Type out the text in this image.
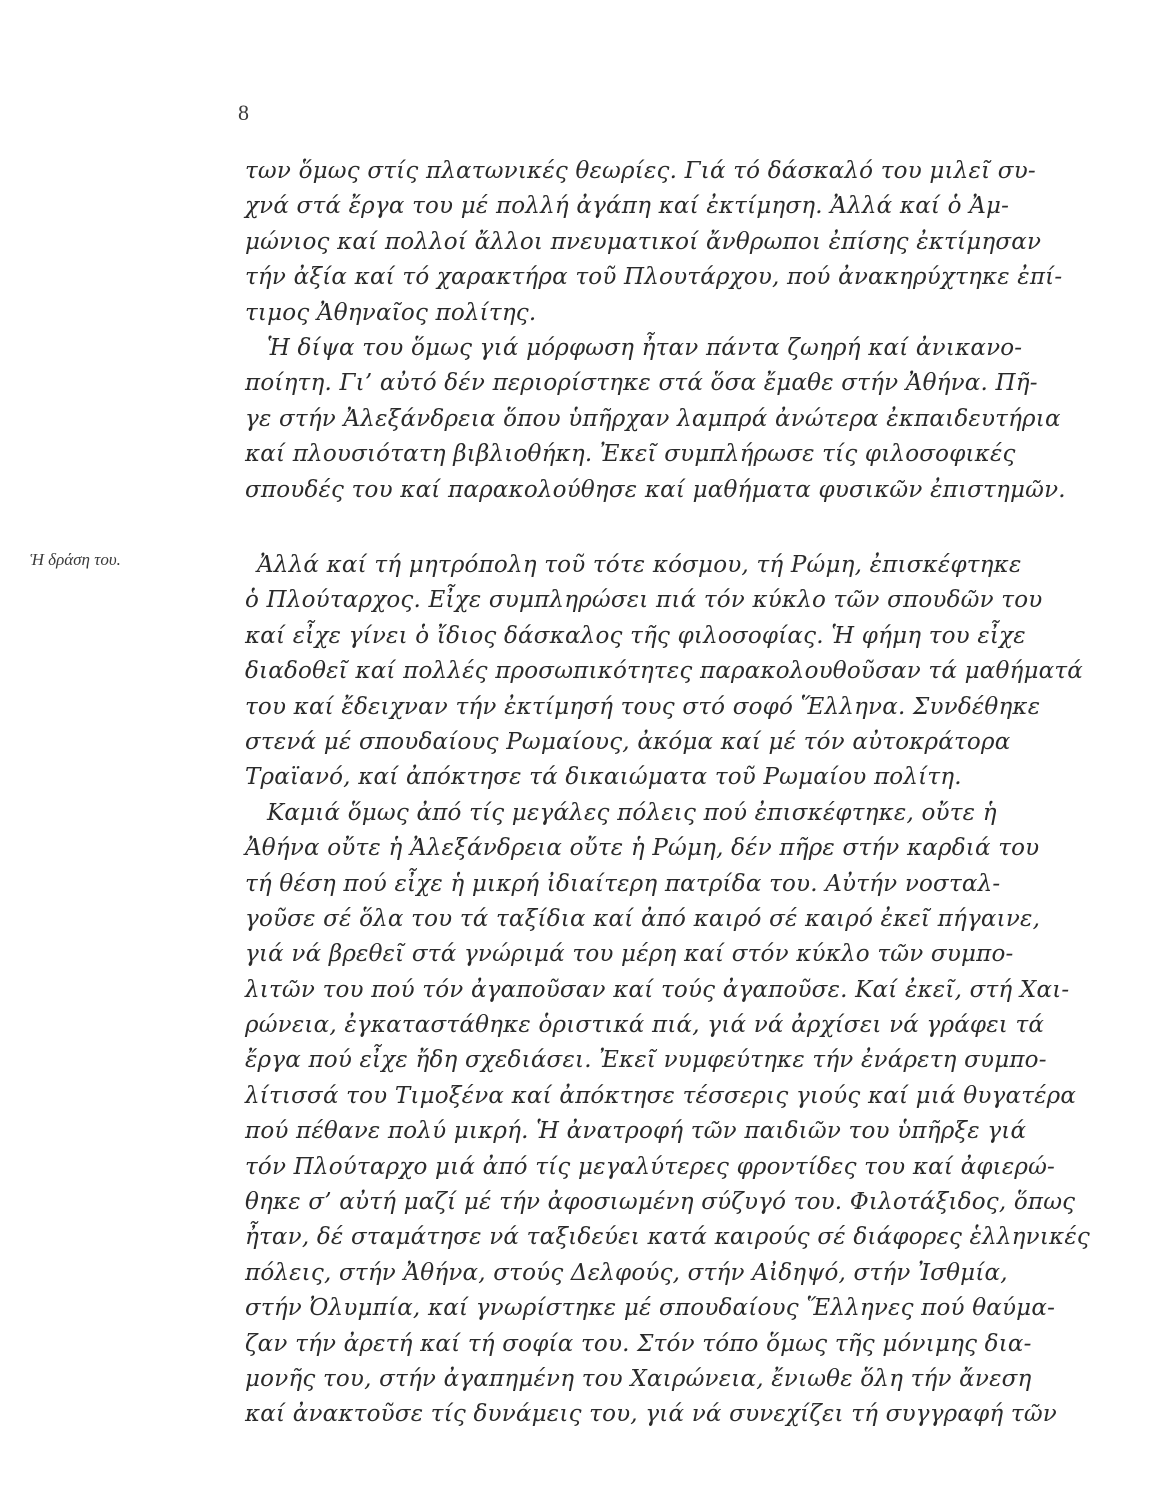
8
Ἡ δράση του.
των ὅμως στίς πλατωνικές θεωρίες. Γιά τό δάσκαλό του μιλεῖ συ-
χνά στά ἔργα του μέ πολλή ἀγάπη καί ἐκτίμηση. Ἀλλά καί ὁ Ἀμ-
μώνιος καί πολλοί ἄλλοι πνευματικοί ἄνθρωποι ἐπίσης ἐκτίμησαν
τήν ἀξία καί τό χαρακτήρα τοῦ Πλουτάρχου, πού ἀνακηρύχτηκε ἐπί-
τιμος Ἀθηναῖος πολίτης.
Ἡ δίψα του ὅμως γιά μόρφωση ἦταν πάντα ζωηρή καί ἀνικανο-
ποίητη. Γι’ αὐτό δέν περιορίστηκε στά ὅσα ἔμαθε στήν Ἀθήνα. Πῆ-
γε στήν Ἀλεξάνδρεια ὅπου ὑπῆρχαν λαμπρά ἀνώτερα ἐκπαιδευτήρια
καί πλουσιότατη βιβλιοθήκη. Ἐκεῖ συμπλήρωσε τίς φιλοσοφικές
σπουδές του καί παρακολούθησε καί μαθήματα φυσικῶν ἐπιστημῶν.
Ἀλλά καί τή μητρόπολη τοῦ τότε κόσμου, τή Ρώμη, ἐπισκέφτηκε
ὁ Πλούταρχος. Εἶχε συμπληρώσει πιά τόν κύκλο τῶν σπουδῶν του
καί εἶχε γίνει ὁ ἴδιος δάσκαλος τῆς φιλοσοφίας. Ἡ φήμη του εἶχε
διαδοθεῖ καί πολλές προσωπικότητες παρακολουθοῦσαν τά μαθήματά
του καί ἔδειχναν τήν ἐκτίμησή τους στό σοφό Ἕλληνα. Συνδέθηκε
στενά μέ σπουδαίους Ρωμαίους, ἀκόμα καί μέ τόν αὐτοκράτορα
Τραϊανό, καί ἀπόκτησε τά δικαιώματα τοῦ Ρωμαίου πολίτη.
Καμιά ὅμως ἀπό τίς μεγάλες πόλεις πού ἐπισκέφτηκε, οὔτε ἡ
Ἀθήνα οὔτε ἡ Ἀλεξάνδρεια οὔτε ἡ Ρώμη, δέν πῆρε στήν καρδιά του
τή θέση πού εἶχε ἡ μικρή ἰδιαίτερη πατρίδα του. Αὐτήν νοσταλ-
γοῦσε σέ ὅλα του τά ταξίδια καί ἀπό καιρό σέ καιρό ἐκεῖ πήγαινε,
γιά νά βρεθεῖ στά γνώριμά του μέρη καί στόν κύκλο τῶν συμπο-
λιτῶν του πού τόν ἀγαποῦσαν καί τούς ἀγαποῦσε. Καί ἐκεῖ, στή Χαι-
ρώνεια, ἐγκαταστάθηκε ὁριστικά πιά, γιά νά ἀρχίσει νά γράφει τά
ἔργα πού εἶχε ἤδη σχεδιάσει. Ἐκεῖ νυμφεύτηκε τήν ἐνάρετη συμπο-
λίτισσά του Τιμοξένα καί ἀπόκτησε τέσσερις γιούς καί μιά θυγατέρα
πού πέθανε πολύ μικρή. Ἡ ἀνατροφή τῶν παιδιῶν του ὑπῆρξε γιά
τόν Πλούταρχο μιά ἀπό τίς μεγαλύτερες φροντίδες του καί ἀφιερώ-
θηκε σ’ αὐτή μαζί μέ τήν ἀφοσιωμένη σύζυγό του. Φιλοτάξιδος, ὅπως
ἦταν, δέ σταμάτησε νά ταξιδεύει κατά καιρούς σέ διάφορες ἑλληνικές
πόλεις, στήν Ἀθήνα, στούς Δελφούς, στήν Αἰδηψό, στήν Ἰσθμία,
στήν Ὀλυμπία, καί γνωρίστηκε μέ σπουδαίους Ἕλληνες πού θαύμα-
ζαν τήν ἀρετή καί τή σοφία του. Στόν τόπο ὅμως τῆς μόνιμης δια-
μονῆς του, στήν ἀγαπημένη του Χαιρώνεια, ἔνιωθε ὅλη τήν ἄνεση
καί ἀνακτοῦσε τίς δυνάμεις του, γιά νά συνεχίζει τή συγγραφή τῶν
